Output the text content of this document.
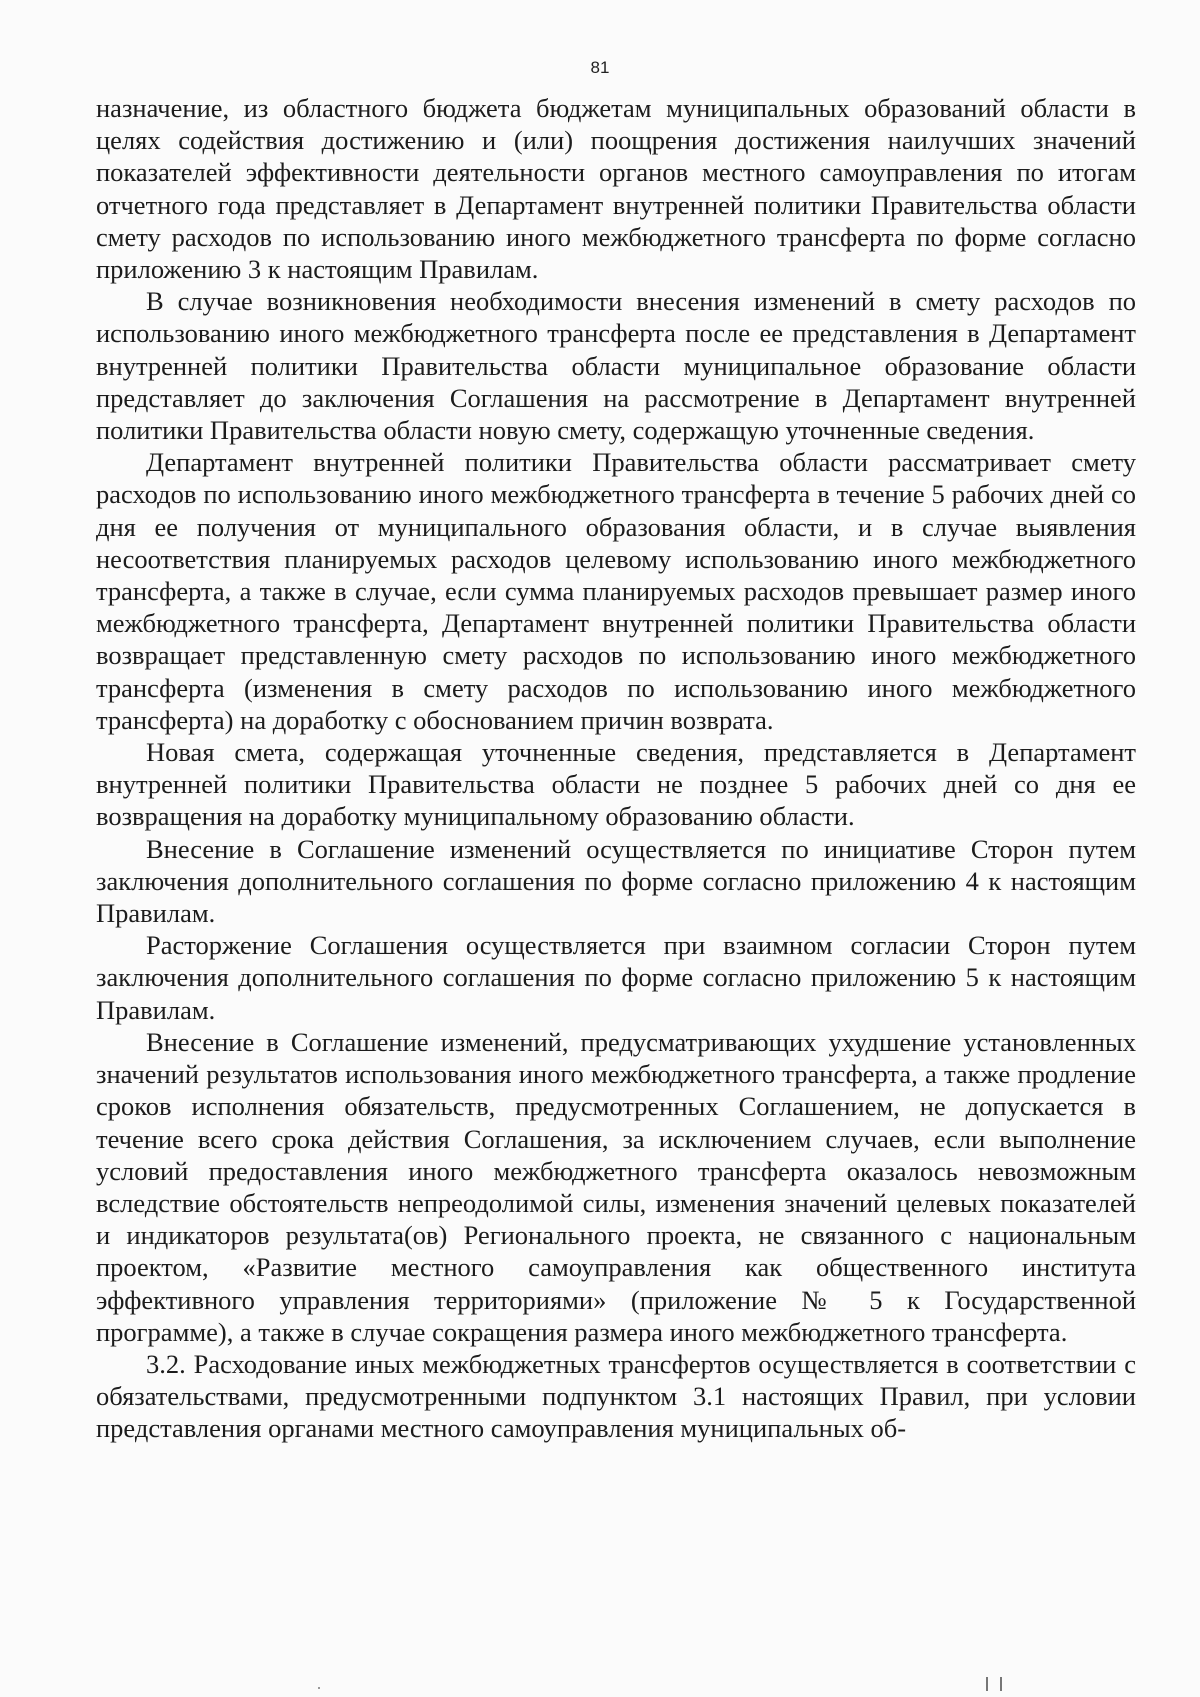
81

назначение, из областного бюджета бюджетам муниципальных образований области в целях содействия достижению и (или) поощрения достижения наилучших значений показателей эффективности деятельности органов местного самоуправления по итогам отчетного года представляет в Департамент внутренней политики Правительства области смету расходов по использованию иного межбюджетного трансферта по форме согласно приложению 3 к настоящим Правилам.

В случае возникновения необходимости внесения изменений в смету расходов по использованию иного межбюджетного трансферта после ее представления в Департамент внутренней политики Правительства области муниципальное образование области представляет до заключения Соглашения на рассмотрение в Департамент внутренней политики Правительства области новую смету, содержащую уточненные сведения.

Департамент внутренней политики Правительства области рассматривает смету расходов по использованию иного межбюджетного трансферта в течение 5 рабочих дней со дня ее получения от муниципального образования области, и в случае выявления несоответствия планируемых расходов целевому использованию иного межбюджетного трансферта, а также в случае, если сумма планируемых расходов превышает размер иного межбюджетного трансферта, Департамент внутренней политики Правительства области возвращает представленную смету расходов по использованию иного межбюджетного трансферта (изменения в смету расходов по использованию иного межбюджетного трансферта) на доработку с обоснованием причин возврата.

Новая смета, содержащая уточненные сведения, представляется в Департамент внутренней политики Правительства области не позднее 5 рабочих дней со дня ее возвращения на доработку муниципальному образованию области.

Внесение в Соглашение изменений осуществляется по инициативе Сторон путем заключения дополнительного соглашения по форме согласно приложению 4 к настоящим Правилам.

Расторжение Соглашения осуществляется при взаимном согласии Сторон путем заключения дополнительного соглашения по форме согласно приложению 5 к настоящим Правилам.

Внесение в Соглашение изменений, предусматривающих ухудшение установленных значений результатов использования иного межбюджетного трансферта, а также продление сроков исполнения обязательств, предусмотренных Соглашением, не допускается в течение всего срока действия Соглашения, за исключением случаев, если выполнение условий предоставления иного межбюджетного трансферта оказалось невозможным вследствие обстоятельств непреодолимой силы, изменения значений целевых показателей и индикаторов результата(ов) Регионального проекта, не связанного с национальным проектом, «Развитие местного самоуправления как общественного института эффективного управления территориями» (приложение № 5 к Государственной программе), а также в случае сокращения размера иного межбюджетного трансферта.

3.2. Расходование иных межбюджетных трансфертов осуществляется в соответствии с обязательствами, предусмотренными подпунктом 3.1 настоящих Правил, при условии представления органами местного самоуправления муниципальных об-
